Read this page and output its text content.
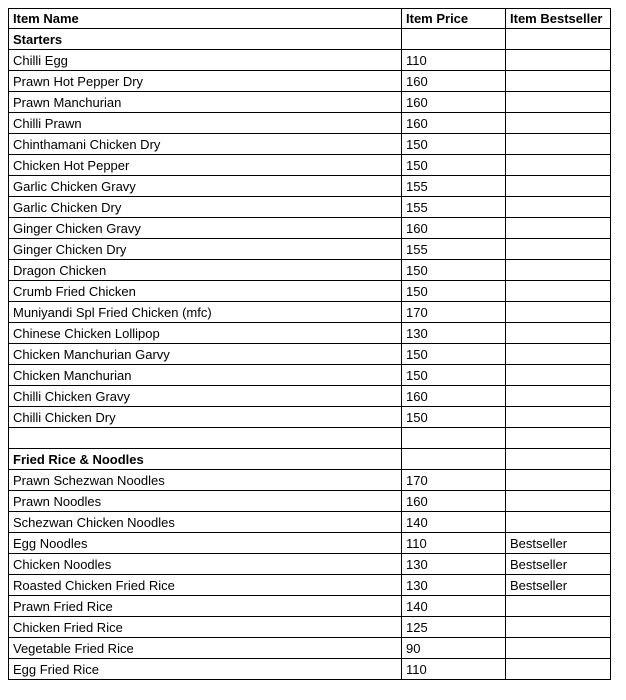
Item Name	Item Price	Item Bestseller
Starters		
Chilli Egg	110	
Prawn Hot Pepper Dry	160	
Prawn Manchurian	160	
Chilli Prawn	160	
Chinthamani Chicken Dry	150	
Chicken Hot Pepper	150	
Garlic Chicken Gravy	155	
Garlic Chicken Dry	155	
Ginger Chicken Gravy	160	
Ginger Chicken Dry	155	
Dragon Chicken	150	
Crumb Fried Chicken	150	
Muniyandi Spl Fried Chicken (mfc)	170	
Chinese Chicken Lollipop	130	
Chicken Manchurian Garvy	150	
Chicken Manchurian	150	
Chilli Chicken Gravy	160	
Chilli Chicken Dry	150	

Fried Rice & Noodles		
Prawn Schezwan Noodles	170	
Prawn Noodles	160	
Schezwan Chicken Noodles	140	
Egg Noodles	110	Bestseller
Chicken Noodles	130	Bestseller
Roasted Chicken Fried Rice	130	Bestseller
Prawn Fried Rice	140	
Chicken Fried Rice	125	
Vegetable Fried Rice	90	
Egg Fried Rice	110	
